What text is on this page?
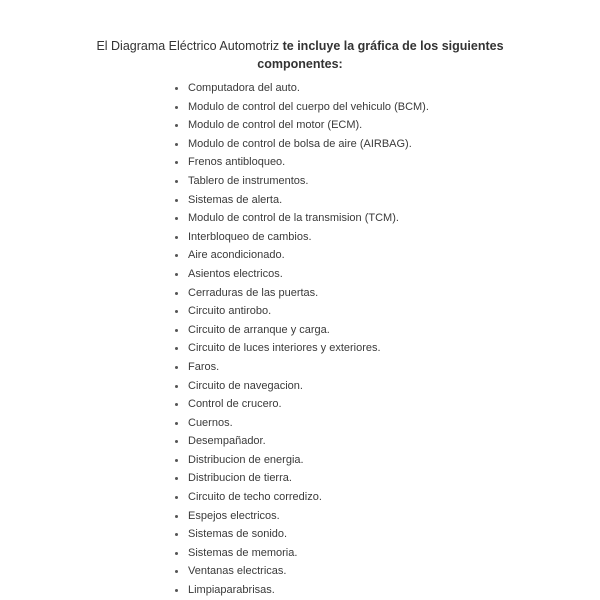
El Diagrama Eléctrico Automotriz te incluye la gráfica de los siguientes componentes:
Computadora del auto.
Modulo de control del cuerpo del vehiculo (BCM).
Modulo de control del motor (ECM).
Modulo de control de bolsa de aire (AIRBAG).
Frenos antibloqueo.
Tablero de instrumentos.
Sistemas de alerta.
Modulo de control de la transmision (TCM).
Interbloqueo de cambios.
Aire acondicionado.
Asientos electricos.
Cerraduras de las puertas.
Circuito antirobo.
Circuito de arranque y carga.
Circuito de luces interiores y exteriores.
Faros.
Circuito de navegacion.
Control de crucero.
Cuernos.
Desempañador.
Distribucion de energia.
Distribucion de tierra.
Circuito de techo corredizo.
Espejos electricos.
Sistemas de sonido.
Sistemas de memoria.
Ventanas electricas.
Limpiaparabrisas.
